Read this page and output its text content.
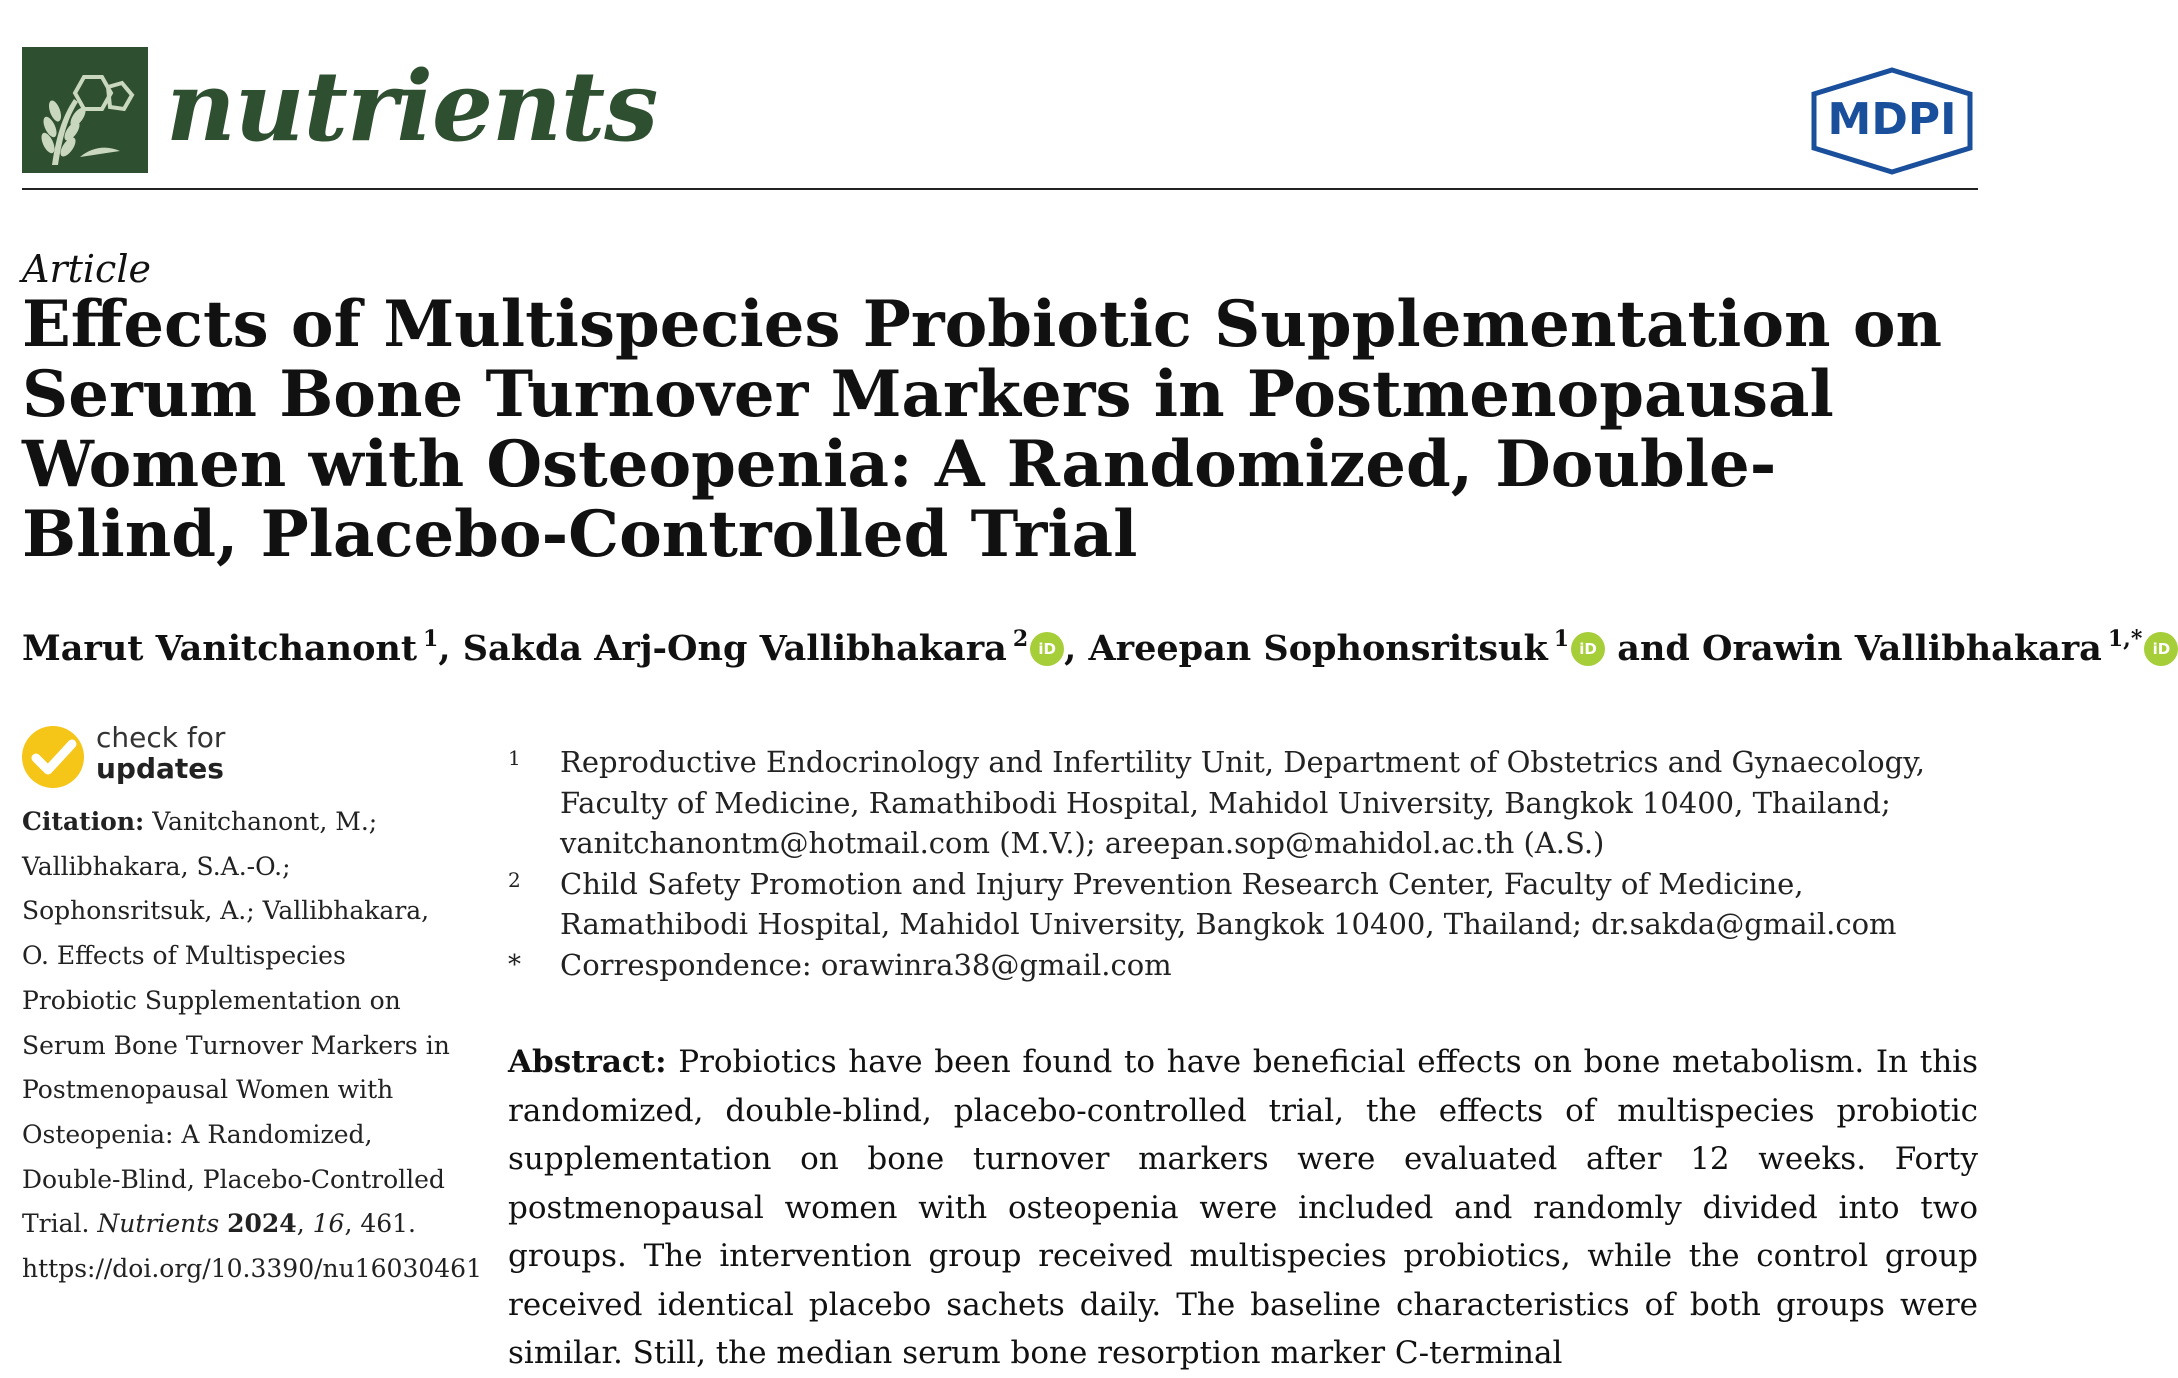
nutrients	MDPI
Article
Effects of Multispecies Probiotic Supplementation on Serum Bone Turnover Markers in Postmenopausal Women with Osteopenia: A Randomized, Double-Blind, Placebo-Controlled Trial
Marut Vanitchanont $^1$, Sakda Arj-Ong Vallibhakara $^2$ iD , Areepan Sophonsritsuk $^1$ iD and Orawin Vallibhakara $^{1,*}$ iD
check for
updates
Citation: Vanitchanont, M.; Vallibhakara, S.A.-O.; Sophonsritsuk, A.; Vallibhakara, O. Effects of Multispecies Probiotic Supplementation on Serum Bone Turnover Markers in Postmenopausal Women with Osteopenia: A Randomized, Double-Blind, Placebo-Controlled Trial. Nutrients 2024, 16, 461.  https://doi.org/10.3390/nu16030461
1 Reproductive Endocrinology and Infertility Unit, Department of Obstetrics and Gynaecology, Faculty of Medicine, Ramathibodi Hospital, Mahidol University, Bangkok 10400, Thailand; vanitchanontm@hotmail.com (M.V.); areepan.sop@mahidol.ac.th (A.S.)
2 Child Safety Promotion and Injury Prevention Research Center, Faculty of Medicine, Ramathibodi Hospital, Mahidol University, Bangkok 10400, Thailand; dr.sakda@gmail.com
* Correspondence: orawinra38@gmail.com

Abstract: Probiotics have been found to have beneficial effects on bone metabolism. In this randomized, double-blind, placebo-controlled trial, the effects of multispecies probiotic supplementation on bone turnover markers were evaluated after 12 weeks. Forty postmenopausal women with osteopenia were included and randomly divided into two groups. The intervention group received multispecies probiotics, while the control group received identical placebo sachets daily. The baseline characteristics of both groups were similar. Still, the median serum bone resorption marker C-terminal
